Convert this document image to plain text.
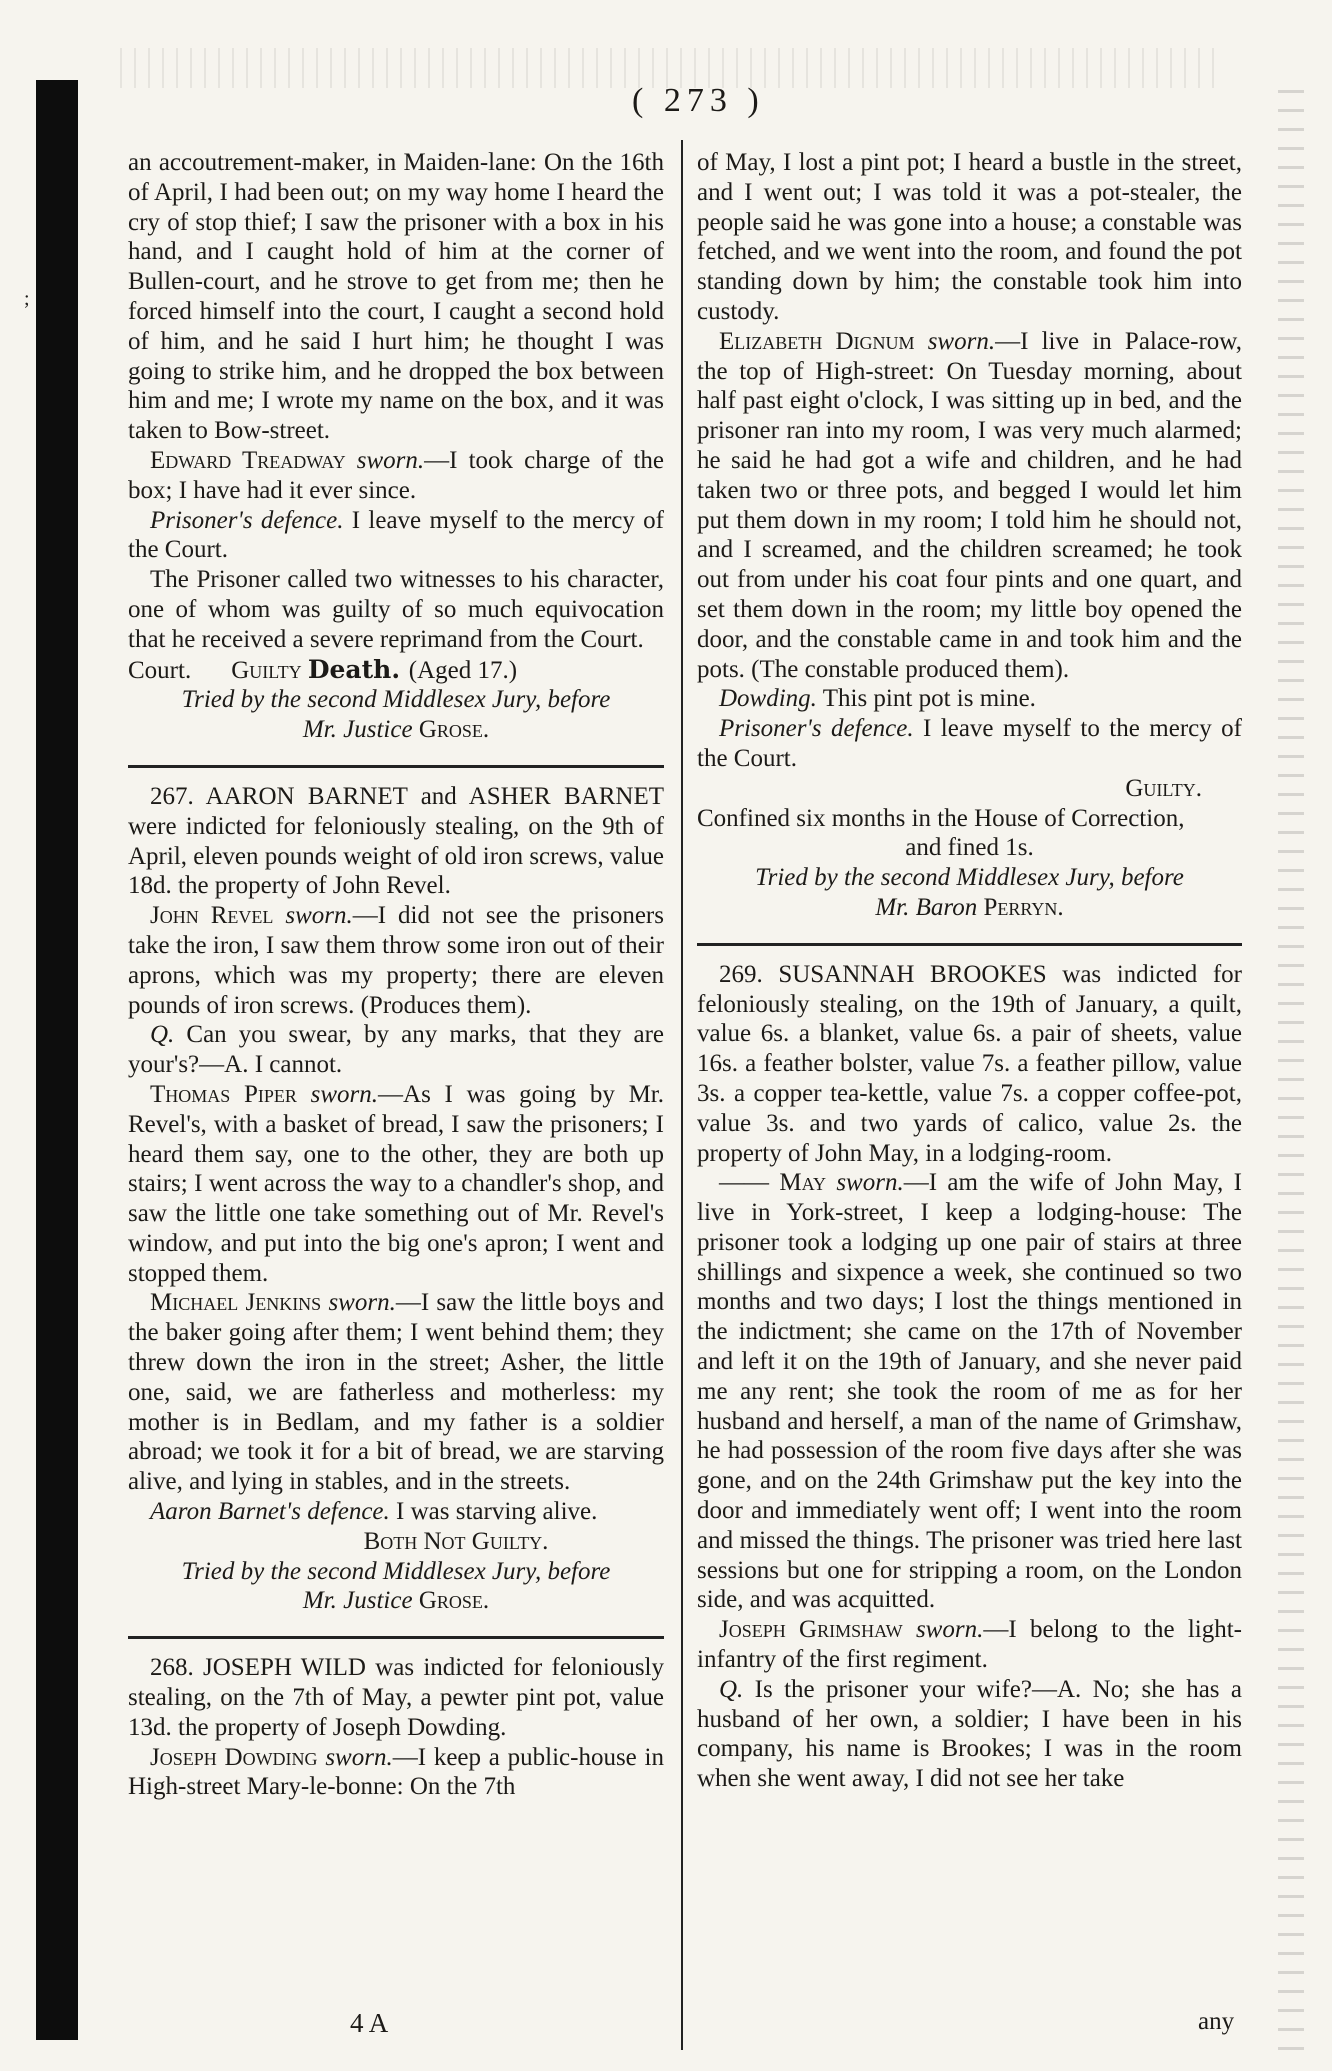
;
( 273 )

an accoutrement-maker, in Maiden-lane: On the 16th of April, I had been out; on my way home I heard the cry of stop thief; I saw the prisoner with a box in his hand, and I caught hold of him at the corner of Bullen-court, and he strove to get from me; then he forced himself into the court, I caught a second hold of him, and he said I hurt him; he thought I was going to strike him, and he dropped the box between him and me; I wrote my name on the box, and it was taken to Bow-street.

Edward Treadway sworn.—I took charge of the box; I have had it ever since.

Prisoner's defence. I leave myself to the mercy of the Court.

The Prisoner called two witnesses to his character, one of whom was guilty of so much equivocation that he received a severe reprimand from the Court.

Court. Guilty Death. (Aged 17.)

Tried by the second Middlesex Jury, before

Mr. Justice Grose.

267. AARON BARNET and ASHER BARNET were indicted for feloniously stealing, on the 9th of April, eleven pounds weight of old iron screws, value 18d. the property of John Revel.

John Revel sworn.—I did not see the prisoners take the iron, I saw them throw some iron out of their aprons, which was my property; there are eleven pounds of iron screws. (Produces them).

Q. Can you swear, by any marks, that they are your's?—A. I cannot.

Thomas Piper sworn.—As I was going by Mr. Revel's, with a basket of bread, I saw the prisoners; I heard them say, one to the other, they are both up stairs; I went across the way to a chandler's shop, and saw the little one take something out of Mr. Revel's window, and put into the big one's apron; I went and stopped them.

Michael Jenkins sworn.—I saw the little boys and the baker going after them; I went behind them; they threw down the iron in the street; Asher, the little one, said, we are fatherless and motherless: my mother is in Bedlam, and my father is a soldier abroad; we took it for a bit of bread, we are starving alive, and lying in stables, and in the streets.

Aaron Barnet's defence. I was starving alive.

Both Not Guilty.

Tried by the second Middlesex Jury, before

Mr. Justice Grose.

268. JOSEPH WILD was indicted for feloniously stealing, on the 7th of May, a pewter pint pot, value 13d. the property of Joseph Dowding.

Joseph Dowding sworn.—I keep a public-house in High-street Mary-le-bonne: On the 7th

of May, I lost a pint pot; I heard a bustle in the street, and I went out; I was told it was a pot-stealer, the people said he was gone into a house; a constable was fetched, and we went into the room, and found the pot standing down by him; the constable took him into custody.

Elizabeth Dignum sworn.—I live in Palace-row, the top of High-street: On Tuesday morning, about half past eight o'clock, I was sitting up in bed, and the prisoner ran into my room, I was very much alarmed; he said he had got a wife and children, and he had taken two or three pots, and begged I would let him put them down in my room; I told him he should not, and I screamed, and the children screamed; he took out from under his coat four pints and one quart, and set them down in the room; my little boy opened the door, and the constable came in and took him and the pots. (The constable produced them).

Dowding. This pint pot is mine.

Prisoner's defence. I leave myself to the mercy of the Court.

Guilty.

Confined six months in the House of Correction,

and fined 1s.

Tried by the second Middlesex Jury, before

Mr. Baron Perryn.

269. SUSANNAH BROOKES was indicted for feloniously stealing, on the 19th of January, a quilt, value 6s. a blanket, value 6s. a pair of sheets, value 16s. a feather bolster, value 7s. a feather pillow, value 3s. a copper tea-kettle, value 7s. a copper coffee-pot, value 3s. and two yards of calico, value 2s. the property of John May, in a lodging-room.

—— May sworn.—I am the wife of John May, I live in York-street, I keep a lodging-house: The prisoner took a lodging up one pair of stairs at three shillings and sixpence a week, she continued so two months and two days; I lost the things mentioned in the indictment; she came on the 17th of November and left it on the 19th of January, and she never paid me any rent; she took the room of me as for her husband and herself, a man of the name of Grimshaw, he had possession of the room five days after she was gone, and on the 24th Grimshaw put the key into the door and immediately went off; I went into the room and missed the things. The prisoner was tried here last sessions but one for stripping a room, on the London side, and was acquitted.

Joseph Grimshaw sworn.—I belong to the light-infantry of the first regiment.

Q. Is the prisoner your wife?—A. No; she has a husband of her own, a soldier; I have been in his company, his name is Brookes; I was in the room when she went away, I did not see her take

4 A	any
